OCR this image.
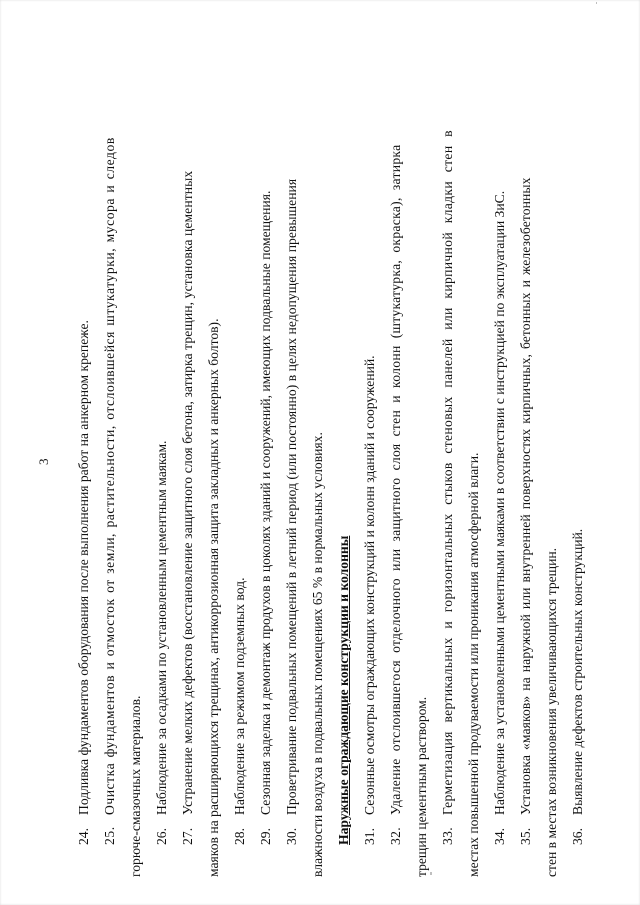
3
24.Подливка фундаментов оборудования после выполнения работ на анкерном крепеже.
25.Очистка фундаментов и отмосток от земли, растительности, отслоившейся штукатурки, мусора и следов горюче-смазочных материалов. 26.Наблюдение за осадками по установленным цементным маякам.
27.Устранение мелких дефектов (восстановление защитного слоя бетона, затирка трещин, установка цементных маяков на расширяющихся трещинах, антикоррозионная защита закладных и анкерных болтов). 28.Наблюдение за режимом подземных вод.
29.Сезонная заделка и демонтаж продухов в цоколях зданий и сооружений, имеющих подвальные помещения.
30.Проветривание подвальных помещений в летний период (или постоянно) в целях недопущения превышения влажности воздуха в подвальных помещениях 65 % в нормальных условиях. Наружные ограждающие конструкции и колонны 31.Сезонные осмотры ограждающих конструкций и колонн зданий и сооружений.
32.Удаление отслоившегося отделочного или защитного слоя стен и колонн (штукатурка, окраска), затирка трещин цементным раствором. 33.Герметизация вертикальных и горизонтальных стыков стеновых панелей или кирпичной кладки стен в местах повышенной продуваемости или проникания атмосферной влаги. 34.Наблюдение за установленными цементными маяками в соответствии с инструкцией по эксплуатации ЗиС.
35.Установка «маяков» на наружной или внутренней поверхностях кирпичных, бетонных и железобетонных стен в местах возникновения увеличивающихся трещин. 36.Выявление дефектов строительных конструкций.
